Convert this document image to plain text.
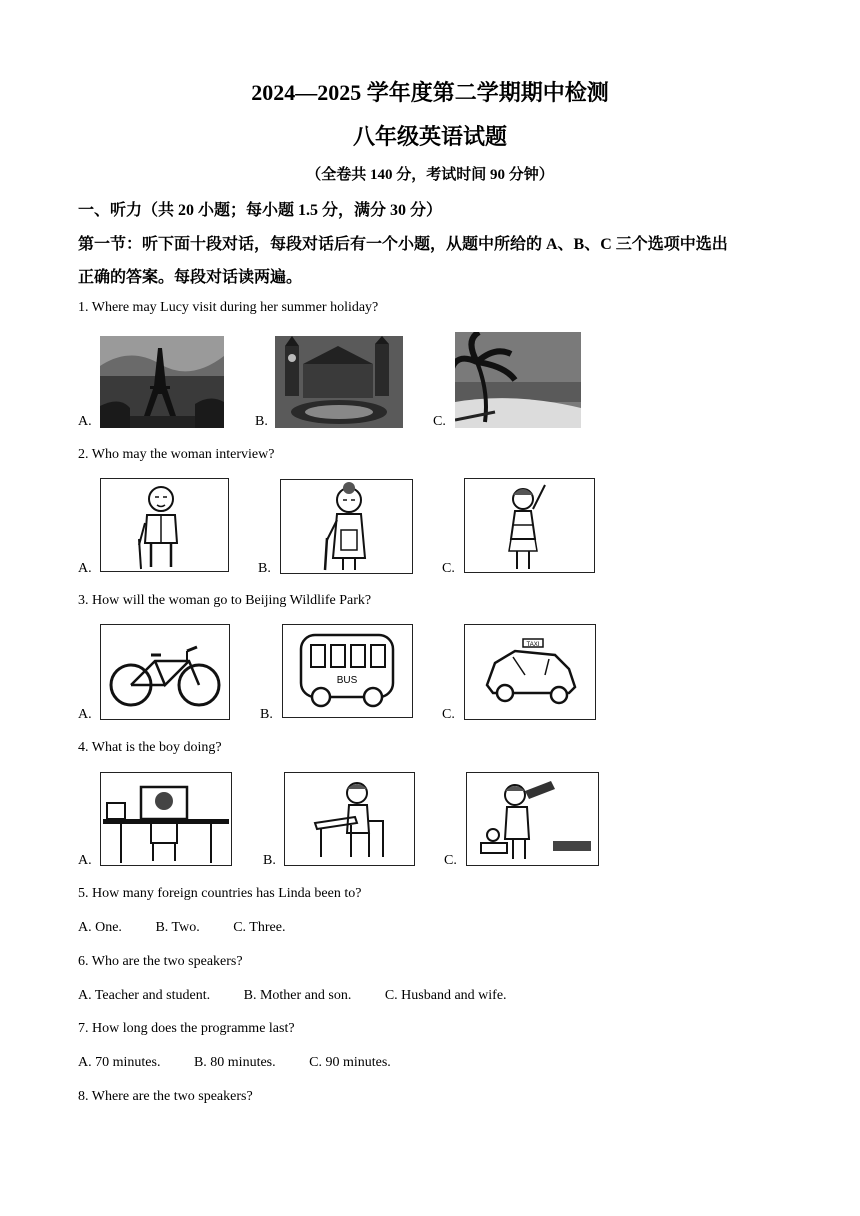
2024—2025 学年度第二学期期中检测
八年级英语试题
（全卷共 140 分，考试时间 90 分钟）
一、听力（共 20 小题；每小题 1.5 分，满分 30 分）
第一节：听下面十段对话，每段对话后有一个小题，从题中所给的 A、B、C 三个选项中选出
正确的答案。每段对话读两遍。
1. Where may Lucy visit during her summer holiday?
A.	B.	C.
2. Who may the woman interview?
A.	B.	C.
3. How will the woman go to Beijing Wildlife Park?
A.	B.
BUS
C.
TAXI
4. What is the boy doing?
A.	B.	C.
5. How many foreign countries has Linda been to?
A. One. B. Two. C. Three.
6. Who are the two speakers?
A. Teacher and student. B. Mother and son. C. Husband and wife.
7. How long does the programme last?
A. 70 minutes. B. 80 minutes. C. 90 minutes.
8. Where are the two speakers?
